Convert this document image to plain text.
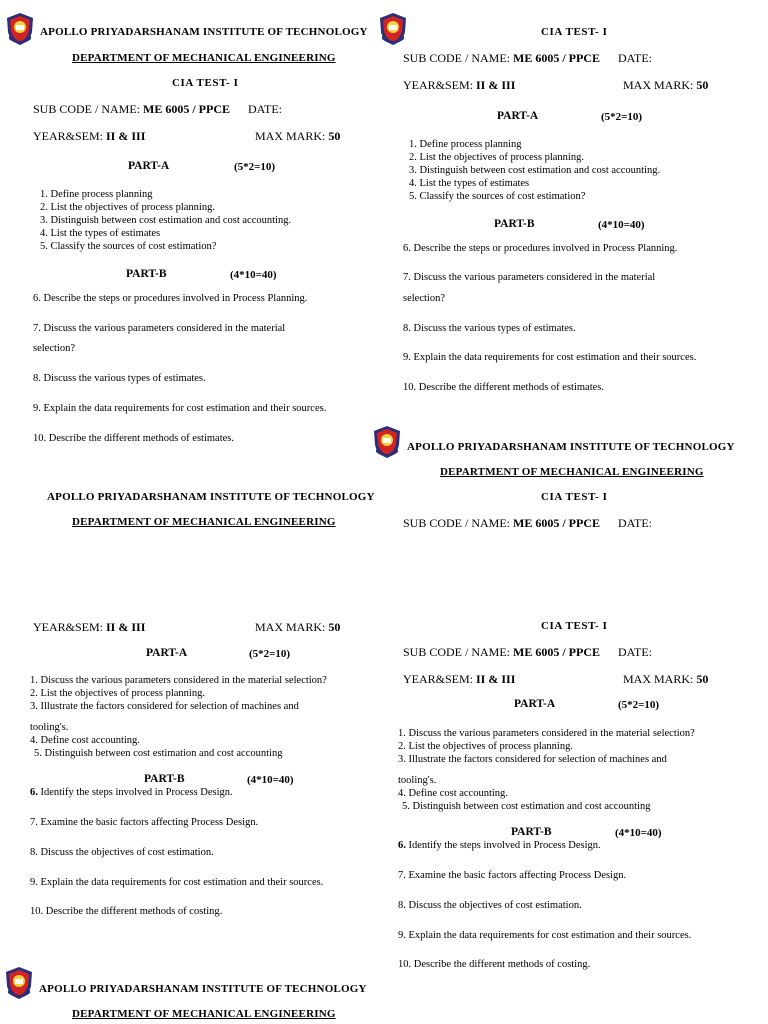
APOLLO PRIYADARSHANAM INSTITUTE OF TECHNOLOGY
DEPARTMENT OF MECHANICAL ENGINEERING
CIA TEST- I
SUB CODE / NAME: ME 6005 / PPCE DATE:
YEAR&SEM: II & III	MAX MARK: 50
PART-A	(5*2=10)
1. Define process planning
2. List the objectives of process planning.
3. Distinguish between cost estimation and cost accounting.
4. List the types of estimates
5. Classify the sources of cost estimation?
PART-B	(4*10=40)
6. Describe the steps or procedures involved in Process Planning.
7. Discuss the various parameters considered in the material
selection?
8. Discuss the various types of estimates.
9. Explain the data requirements for cost estimation and their sources.
10. Describe the different methods of estimates.
CIA TEST- I
SUB CODE / NAME: ME 6005 / PPCE DATE:
YEAR&SEM: II & III	MAX MARK: 50
PART-A	(5*2=10)
1. Define process planning
2. List the objectives of process planning.
3. Distinguish between cost estimation and cost accounting.
4. List the types of estimates
5. Classify the sources of cost estimation?
PART-B	(4*10=40)
6. Describe the steps or procedures involved in Process Planning.
7. Discuss the various parameters considered in the material
selection?
8. Discuss the various types of estimates.
9. Explain the data requirements for cost estimation and their sources.
10. Describe the different methods of estimates.
APOLLO PRIYADARSHANAM INSTITUTE OF TECHNOLOGY
DEPARTMENT OF MECHANICAL ENGINEERING
CIA TEST- I
SUB CODE / NAME: ME 6005 / PPCE DATE:
APOLLO PRIYADARSHANAM INSTITUTE OF TECHNOLOGY
DEPARTMENT OF MECHANICAL ENGINEERING
YEAR&SEM: II & III	MAX MARK: 50
PART-A	(5*2=10)
1. Discuss the various parameters considered in the material selection?
2. List the objectives of process planning.
3. Illustrate the factors considered for selection of machines and
tooling's.
4. Define cost accounting.
5. Distinguish between cost estimation and cost accounting
PART-B	(4*10=40)
6. Identify the steps involved in Process Design.
7. Examine the basic factors affecting Process Design.
8. Discuss the objectives of cost estimation.
9. Explain the data requirements for cost estimation and their sources.
10. Describe the different methods of costing.
CIA TEST- I
SUB CODE / NAME: ME 6005 / PPCE DATE:
YEAR&SEM: II & III	MAX MARK: 50
PART-A	(5*2=10)
1. Discuss the various parameters considered in the material selection?
2. List the objectives of process planning.
3. Illustrate the factors considered for selection of machines and
tooling's.
4. Define cost accounting.
5. Distinguish between cost estimation and cost accounting
PART-B	(4*10=40)
6. Identify the steps involved in Process Design.
7. Examine the basic factors affecting Process Design.
8. Discuss the objectives of cost estimation.
9. Explain the data requirements for cost estimation and their sources.
10. Describe the different methods of costing.
APOLLO PRIYADARSHANAM INSTITUTE OF TECHNOLOGY
DEPARTMENT OF MECHANICAL ENGINEERING
